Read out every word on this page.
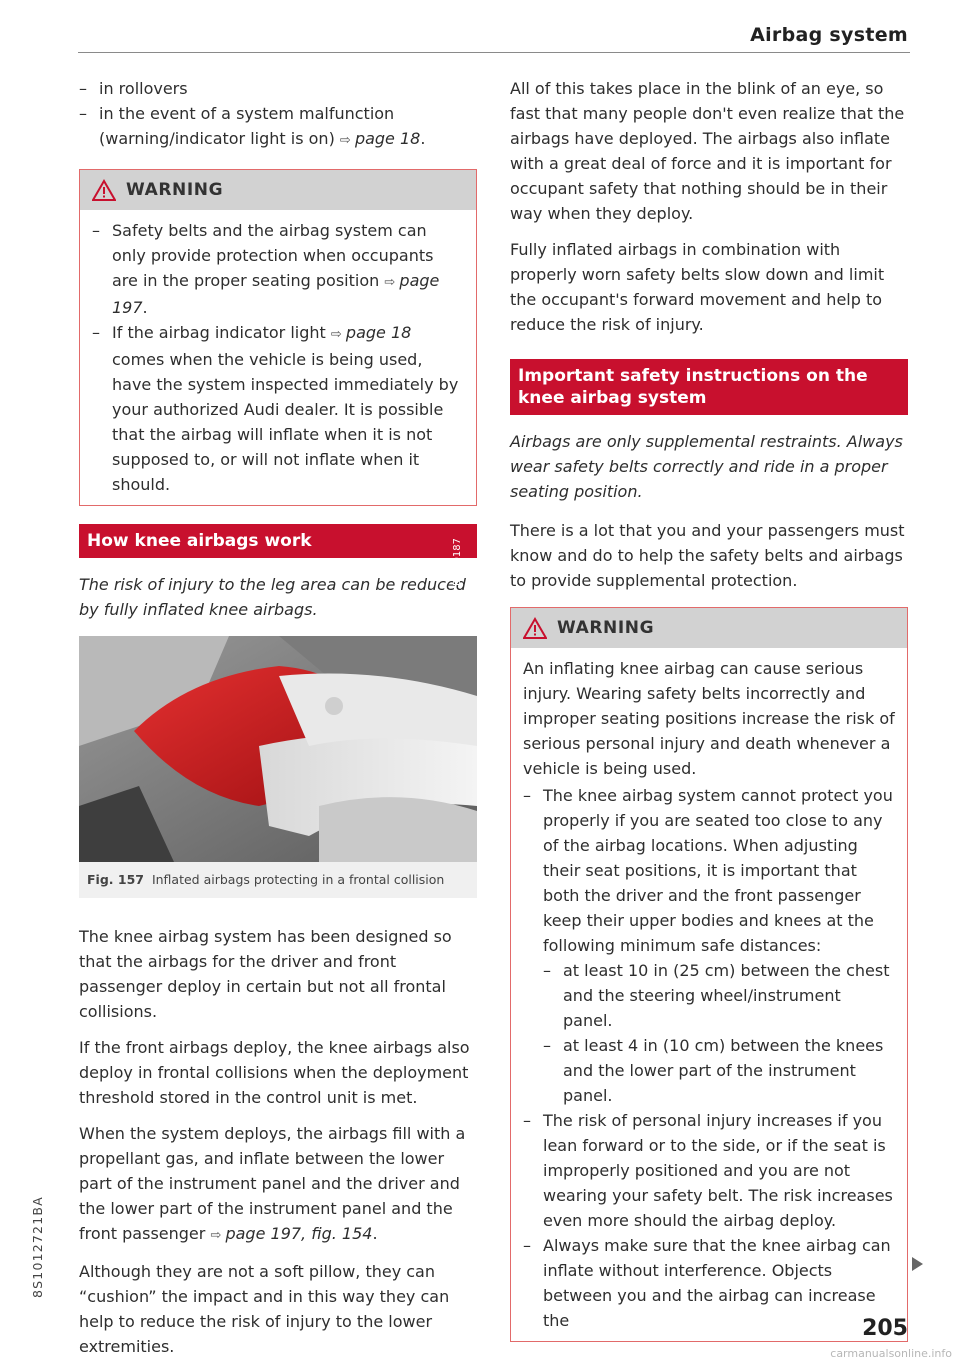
Airbag system
– in rollovers
– in the event of a system malfunction (warning/indicator light is on) ⇨ page 18.
WARNING
– Safety belts and the airbag system can only provide protection when occupants are in the proper seating position ⇨ page 197.
– If the airbag indicator light ⇨ page 18 comes when the vehicle is being used, have the system inspected immediately by your authorized Audi dealer. It is possible that the airbag will inflate when it is not supposed to, or will not inflate when it should.
How knee airbags work

The risk of injury to the leg area can be reduced by fully inflated knee airbags.

Fig. 157 Inflated airbags protecting in a frontal collision
BFV-0187

The knee airbag system has been designed so that the airbags for the driver and front passenger deploy in certain but not all frontal collisions.

If the front airbags deploy, the knee airbags also deploy in frontal collisions when the deployment threshold stored in the control unit is met.

When the system deploys, the airbags fill with a propellant gas, and inflate between the lower part of the instrument panel and the driver and the lower part of the instrument panel and the front passenger ⇨ page 197, fig. 154.

Although they are not a soft pillow, they can “cushion” the impact and in this way they can help to reduce the risk of injury to the lower extremities.

All of this takes place in the blink of an eye, so fast that many people don't even realize that the airbags have deployed. The airbags also inflate with a great deal of force and it is important for occupant safety that nothing should be in their way when they deploy.

Fully inflated airbags in combination with properly worn safety belts slow down and limit the occupant's forward movement and help to reduce the risk of injury.

Important safety instructions on the knee airbag system

Airbags are only supplemental restraints. Always wear safety belts correctly and ride in a proper seating position.

There is a lot that you and your passengers must know and do to help the safety belts and airbags to provide supplemental protection.

WARNING

An inflating knee airbag can cause serious injury. Wearing safety belts incorrectly and improper seating positions increase the risk of serious personal injury and death whenever a vehicle is being used.

– The knee airbag system cannot protect you properly if you are seated too close to any of the airbag locations. When adjusting their seat positions, it is important that both the driver and the front passenger keep their upper bodies and knees at the following minimum safe distances:
– at least 10 in (25 cm) between the chest and the steering wheel/instrument panel.
– at least 4 in (10 cm) between the knees and the lower part of the instrument panel.
– The risk of personal injury increases if you lean forward or to the side, or if the seat is improperly positioned and you are not wearing your safety belt. The risk increases even more should the airbag deploy.
– Always make sure that the knee airbag can inflate without interference. Objects between you and the airbag can increase the	205
8S1012721BA
carmanualsonline.info
